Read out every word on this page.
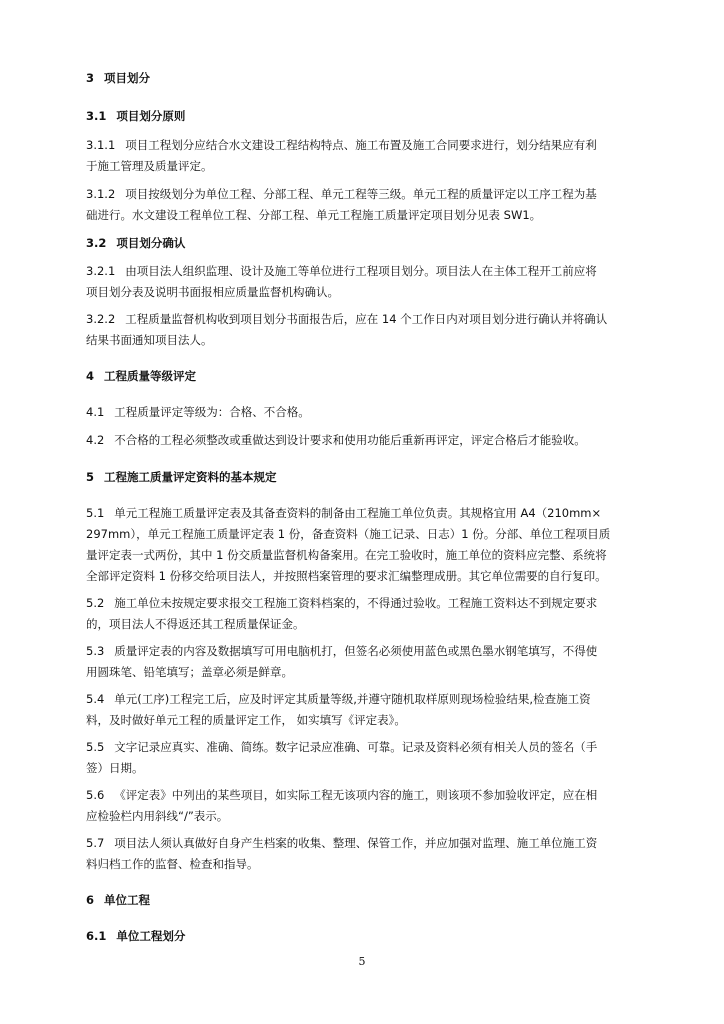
3 项目划分
3.1 项目划分原则
3.1.1 项目工程划分应结合水文建设工程结构特点、施工布置及施工合同要求进行，划分结果应有利
于施工管理及质量评定。
3.1.2 项目按级划分为单位工程、分部工程、单元工程等三级。单元工程的质量评定以工序工程为基
础进行。水文建设工程单位工程、分部工程、单元工程施工质量评定项目划分见表 SW1。
3.2 项目划分确认
3.2.1 由项目法人组织监理、设计及施工等单位进行工程项目划分。项目法人在主体工程开工前应将
项目划分表及说明书面报相应质量监督机构确认。
3.2.2 工程质量监督机构收到项目划分书面报告后，应在 14 个工作日内对项目划分进行确认并将确认
结果书面通知项目法人。
4 工程质量等级评定
4.1 工程质量评定等级为：合格、不合格。
4.2 不合格的工程必须整改或重做达到设计要求和使用功能后重新再评定，评定合格后才能验收。
5 工程施工质量评定资料的基本规定
5.1 单元工程施工质量评定表及其备查资料的制备由工程施工单位负责。其规格宜用 A4（210mm×
297mm），单元工程施工质量评定表 1 份，备查资料（施工记录、日志）1 份。分部、单位工程项目质
量评定表一式两份，其中 1 份交质量监督机构备案用。在完工验收时，施工单位的资料应完整、系统将
全部评定资料 1 份移交给项目法人，并按照档案管理的要求汇编整理成册。其它单位需要的自行复印。
5.2 施工单位未按规定要求报交工程施工资料档案的，不得通过验收。工程施工资料达不到规定要求
的，项目法人不得返还其工程质量保证金。
5.3 质量评定表的内容及数据填写可用电脑机打，但签名必须使用蓝色或黑色墨水钢笔填写，不得使
用圆珠笔、铅笔填写；盖章必须是鲜章。
5.4 单元(工序)工程完工后，应及时评定其质量等级,并遵守随机取样原则现场检验结果,检查施工资
料，及时做好单元工程的质量评定工作， 如实填写《评定表》。
5.5 文字记录应真实、准确、简练。数字记录应准确、可靠。记录及资料必须有相关人员的签名（手
签）日期。
5.6 《评定表》中列出的某些项目，如实际工程无该项内容的施工，则该项不参加验收评定，应在相
应检验栏内用斜线“/”表示。
5.7 项目法人须认真做好自身产生档案的收集、整理、保管工作，并应加强对监理、施工单位施工资
料归档工作的监督、检查和指导。
6 单位工程
6.1 单位工程划分
5
